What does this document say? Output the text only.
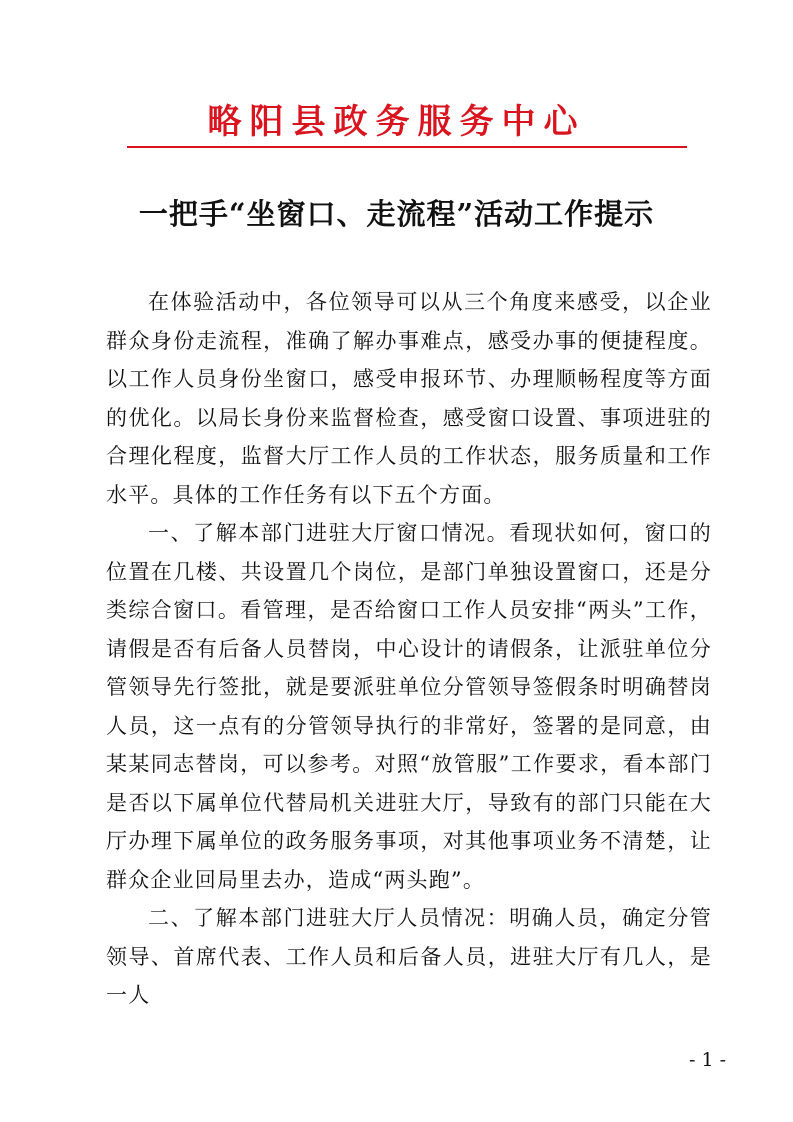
略阳县政务服务中心
一把手“坐窗口、走流程”活动工作提示

在体验活动中，各位领导可以从三个角度来感受，以企业群众身份走流程，准确了解办事难点，感受办事的便捷程度。以工作人员身份坐窗口，感受申报环节、办理顺畅程度等方面的优化。以局长身份来监督检查，感受窗口设置、事项进驻的合理化程度，监督大厅工作人员的工作状态，服务质量和工作水平。具体的工作任务有以下五个方面。

一、了解本部门进驻大厅窗口情况。看现状如何，窗口的位置在几楼、共设置几个岗位，是部门单独设置窗口，还是分类综合窗口。看管理，是否给窗口工作人员安排“两头”工作，请假是否有后备人员替岗，中心设计的请假条，让派驻单位分管领导先行签批，就是要派驻单位分管领导签假条时明确替岗人员，这一点有的分管领导执行的非常好，签署的是同意，由某某同志替岗，可以参考。对照“放管服”工作要求，看本部门是否以下属单位代替局机关进驻大厅，导致有的部门只能在大厅办理下属单位的政务服务事项，对其他事项业务不清楚，让群众企业回局里去办，造成“两头跑”。

二、了解本部门进驻大厅人员情况：明确人员，确定分管领导、首席代表、工作人员和后备人员，进驻大厅有几人，是一人

- 1 -
